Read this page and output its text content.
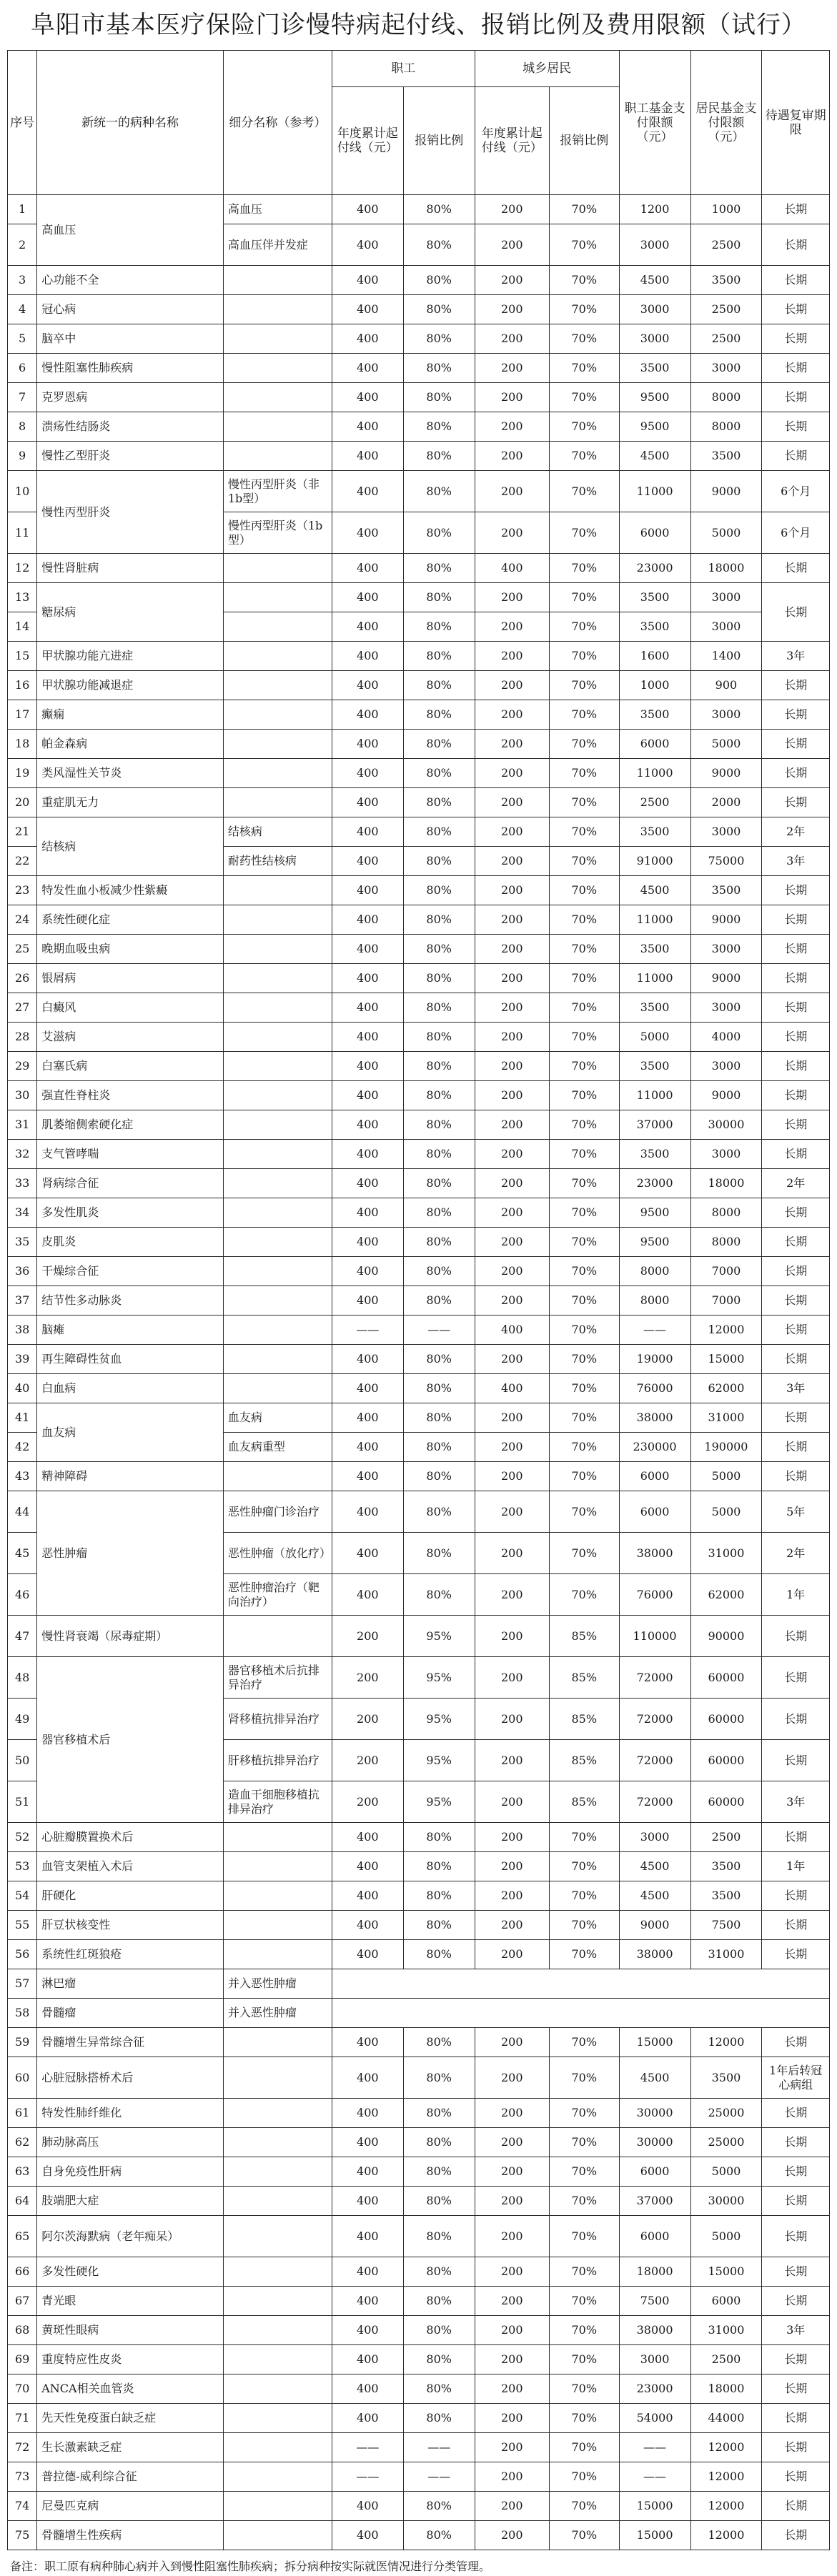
阜阳市基本医疗保险门诊慢特病起付线、报销比例及费用限额（试行）
序号	新统一的病种名称	细分名称（参考）	职工		城乡居民		职工基金支付限额（元）	居民基金支付限额（元）	待遇复审期限
			年度累计起付线（元）	报销比例	年度累计起付线（元）	报销比例			
1	高血压	高血压	400	80%	200	70%	1200	1000	长期
2		高血压伴并发症	400	80%	200	70%	3000	2500	长期
3	心功能不全		400	80%	200	70%	4500	3500	长期
4	冠心病		400	80%	200	70%	3000	2500	长期
5	脑卒中		400	80%	200	70%	3000	2500	长期
6	慢性阻塞性肺疾病		400	80%	200	70%	3500	3000	长期
7	克罗恩病		400	80%	200	70%	9500	8000	长期
8	溃疡性结肠炎		400	80%	200	70%	9500	8000	长期
9	慢性乙型肝炎		400	80%	200	70%	4500	3500	长期
10	慢性丙型肝炎	慢性丙型肝炎（非1b型）	400	80%	200	70%	11000	9000	6个月
11		慢性丙型肝炎（1b型）	400	80%	200	70%	6000	5000	6个月
12	慢性肾脏病		400	80%	400	70%	23000	18000	长期
13	糖尿病		400	80%	200	70%	3500	3000	长期
14			400	80%	200	70%	3500	3000	
15	甲状腺功能亢进症		400	80%	200	70%	1600	1400	3年
16	甲状腺功能减退症		400	80%	200	70%	1000	900	长期
17	癫痫		400	80%	200	70%	3500	3000	长期
18	帕金森病		400	80%	200	70%	6000	5000	长期
19	类风湿性关节炎		400	80%	200	70%	11000	9000	长期
20	重症肌无力		400	80%	200	70%	2500	2000	长期
21	结核病	结核病	400	80%	200	70%	3500	3000	2年
22		耐药性结核病	400	80%	200	70%	91000	75000	3年
23	特发性血小板减少性紫癜		400	80%	200	70%	4500	3500	长期
24	系统性硬化症		400	80%	200	70%	11000	9000	长期
25	晚期血吸虫病		400	80%	200	70%	3500	3000	长期
26	银屑病		400	80%	200	70%	11000	9000	长期
27	白癜风		400	80%	200	70%	3500	3000	长期
28	艾滋病		400	80%	200	70%	5000	4000	长期
29	白塞氏病		400	80%	200	70%	3500	3000	长期
30	强直性脊柱炎		400	80%	200	70%	11000	9000	长期
31	肌萎缩侧索硬化症		400	80%	200	70%	37000	30000	长期
32	支气管哮喘		400	80%	200	70%	3500	3000	长期
33	肾病综合征		400	80%	200	70%	23000	18000	2年
34	多发性肌炎		400	80%	200	70%	9500	8000	长期
35	皮肌炎		400	80%	200	70%	9500	8000	长期
36	干燥综合征		400	80%	200	70%	8000	7000	长期
37	结节性多动脉炎		400	80%	200	70%	8000	7000	长期
38	脑瘫		——	——	400	70%	——	12000	长期
39	再生障碍性贫血		400	80%	200	70%	19000	15000	长期
40	白血病		400	80%	400	70%	76000	62000	3年
41	血友病	血友病	400	80%	200	70%	38000	31000	长期
42		血友病重型	400	80%	200	70%	230000	190000	长期
43	精神障碍		400	80%	200	70%	6000	5000	长期
44	恶性肿瘤	恶性肿瘤门诊治疗	400	80%	200	70%	6000	5000	5年
45		恶性肿瘤（放化疗）	400	80%	200	70%	38000	31000	2年
46		恶性肿瘤治疗（靶向治疗）	400	80%	200	70%	76000	62000	1年
47	慢性肾衰竭（尿毒症期）		200	95%	200	85%	110000	90000	长期
48	器官移植术后	器官移植术后抗排异治疗	200	95%	200	85%	72000	60000	长期
49		肾移植抗排异治疗	200	95%	200	85%	72000	60000	长期
50		肝移植抗排异治疗	200	95%	200	85%	72000	60000	长期
51		造血干细胞移植抗排异治疗	200	95%	200	85%	72000	60000	3年
52	心脏瓣膜置换术后		400	80%	200	70%	3000	2500	长期
53	血管支架植入术后		400	80%	200	70%	4500	3500	1年
54	肝硬化		400	80%	200	70%	4500	3500	长期
55	肝豆状核变性		400	80%	200	70%	9000	7500	长期
56	系统性红斑狼疮		400	80%	200	70%	38000	31000	长期
57	淋巴瘤	并入恶性肿瘤							
58	骨髓瘤	并入恶性肿瘤							
59	骨髓增生异常综合征		400	80%	200	70%	15000	12000	长期
60	心脏冠脉搭桥术后		400	80%	200	70%	4500	3500	1年后转冠心病组
61	特发性肺纤维化		400	80%	200	70%	30000	25000	长期
62	肺动脉高压		400	80%	200	70%	30000	25000	长期
63	自身免疫性肝病		400	80%	200	70%	6000	5000	长期
64	肢端肥大症		400	80%	200	70%	37000	30000	长期
65	阿尔茨海默病（老年痴呆）		400	80%	200	70%	6000	5000	长期
66	多发性硬化		400	80%	200	70%	18000	15000	长期
67	青光眼		400	80%	200	70%	7500	6000	长期
68	黄斑性眼病		400	80%	200	70%	38000	31000	3年
69	重度特应性皮炎		400	80%	200	70%	3000	2500	长期
70	ANCA相关血管炎		400	80%	200	70%	23000	18000	长期
71	先天性免疫蛋白缺乏症		400	80%	200	70%	54000	44000	长期
72	生长激素缺乏症		——	——	200	70%	——	12000	长期
73	普拉德-威利综合征		——	——	200	70%	——	12000	长期
74	尼曼匹克病		400	80%	200	70%	15000	12000	长期
75	骨髓增生性疾病		400	80%	200	70%	15000	12000	长期
备注：职工原有病种肺心病并入到慢性阻塞性肺疾病；拆分病种按实际就医情况进行分类管理。
